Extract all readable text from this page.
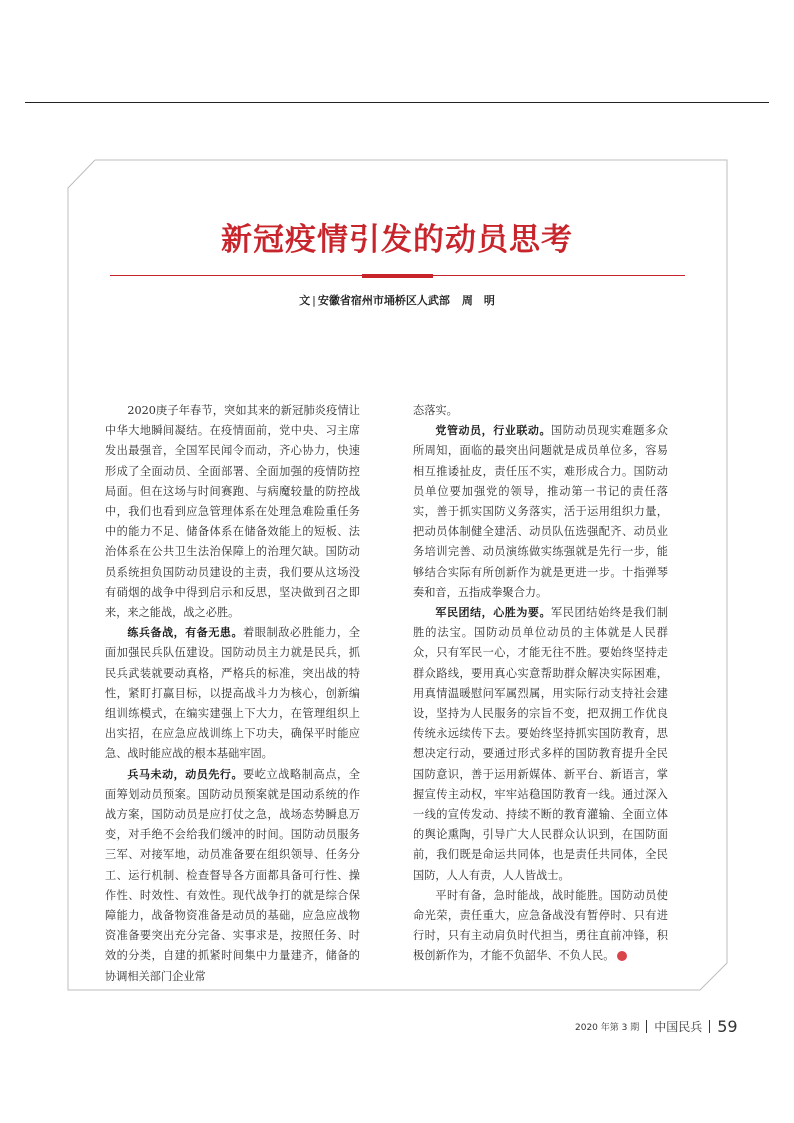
新冠疫情引发的动员思考
文 | 安徽省宿州市埇桥区人武部 周　明

2020庚子年春节，突如其来的新冠肺炎疫情让中华大地瞬间凝结。在疫情面前，党中央、习主席发出最强音，全国军民闻令而动，齐心协力，快速形成了全面动员、全面部署、全面加强的疫情防控局面。但在这场与时间赛跑、与病魔较量的防控战中，我们也看到应急管理体系在处理急难险重任务中的能力不足、储备体系在储备效能上的短板、法治体系在公共卫生法治保障上的治理欠缺。国防动员系统担负国防动员建设的主责，我们要从这场没有硝烟的战争中得到启示和反思，坚决做到召之即来，来之能战，战之必胜。

练兵备战，有备无患。着眼制敌必胜能力，全面加强民兵队伍建设。国防动员主力就是民兵，抓民兵武装就要动真格，严格兵的标准，突出战的特性，紧盯打赢目标，以提高战斗力为核心，创新编组训练模式，在编实建强上下大力，在管理组织上出实招，在应急应战训练上下功夫，确保平时能应急、战时能应战的根本基础牢固。

兵马未动，动员先行。要屹立战略制高点，全面筹划动员预案。国防动员预案就是国动系统的作战方案，国防动员是应打仗之急，战场态势瞬息万变，对手绝不会给我们缓冲的时间。国防动员服务三军、对接军地，动员准备要在组织领导、任务分工、运行机制、检查督导各方面都具备可行性、操作性、时效性、有效性。现代战争打的就是综合保障能力，战备物资准备是动员的基础，应急应战物资准备要突出充分完备、实事求是，按照任务、时效的分类，自建的抓紧时间集中力量建齐，储备的协调相关部门企业常

态落实。

党管动员，行业联动。国防动员现实难题多众所周知，面临的最突出问题就是成员单位多，容易相互推诿扯皮，责任压不实，难形成合力。国防动员单位要加强党的领导，推动第一书记的责任落实，善于抓实国防义务落实，活于运用组织力量，把动员体制健全建活、动员队伍选强配齐、动员业务培训完善、动员演练做实练强就是先行一步，能够结合实际有所创新作为就是更进一步。十指弹琴奏和音，五指成拳聚合力。

军民团结，心胜为要。军民团结始终是我们制胜的法宝。国防动员单位动员的主体就是人民群众，只有军民一心，才能无往不胜。要始终坚持走群众路线，要用真心实意帮助群众解决实际困难，用真情温暖慰问军属烈属，用实际行动支持社会建设，坚持为人民服务的宗旨不变，把双拥工作优良传统永远续传下去。要始终坚持抓实国防教育，思想决定行动，要通过形式多样的国防教育提升全民国防意识，善于运用新媒体、新平台、新语言，掌握宣传主动权，牢牢站稳国防教育一线。通过深入一线的宣传发动、持续不断的教育灌输、全面立体的舆论熏陶，引导广大人民群众认识到，在国防面前，我们既是命运共同体，也是责任共同体，全民国防，人人有责，人人皆战士。

平时有备，急时能战，战时能胜。国防动员使命光荣，责任重大，应急备战没有暂停时、只有进行时，只有主动肩负时代担当，勇往直前冲锋，积极创新作为，才能不负韶华、不负人民。	◉

2020 年第 3 期 中国民兵 59
